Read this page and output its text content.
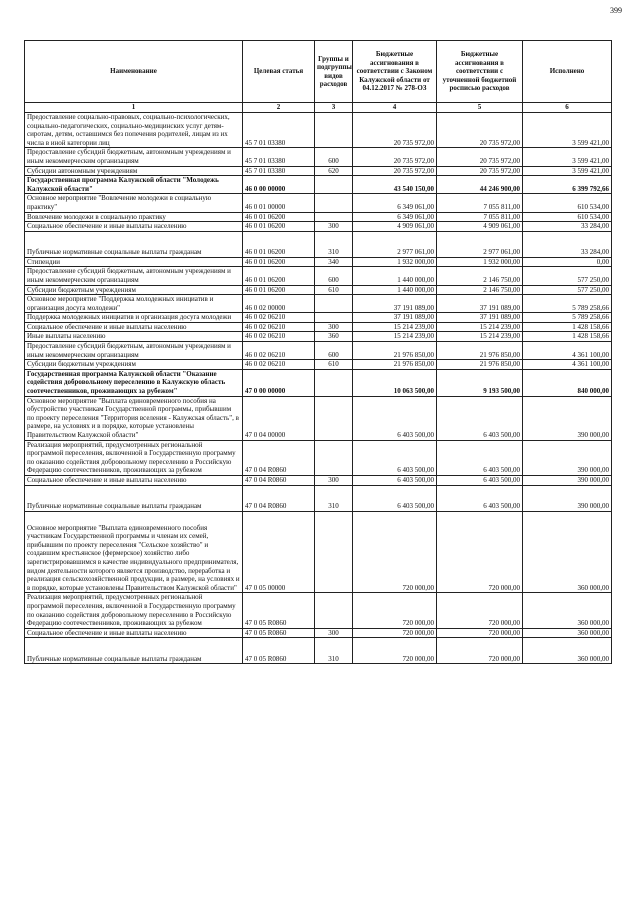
399
Наименование	Целевая статья	Группы и подгруппы видов расходов	Бюджетные ассигнования в соответствии с Законом Калужской области от 04.12.2017 № 278-ОЗ	Бюджетные ассигнования в соответствии с уточненной бюджетной росписью расходов	Исполнено
1	2	3	4	5	6
Предоставление социально-правовых, социально-психологических, социально-педагогических, социально-медицинских услуг детям-сиротам, детям, оставшимся без попечения родителей, лицам из их числа в иной категории лиц	45 7 01 03380		20 735 972,00	20 735 972,00	3 599 421,00
Предоставление субсидий бюджетным, автономным учреждениям и иным некоммерческим организациям	45 7 01 03380	600	20 735 972,00	20 735 972,00	3 599 421,00
Субсидии автономным учреждениям	45 7 01 03380	620	20 735 972,00	20 735 972,00	3 599 421,00
Государственная программа Калужской области "Молодежь Калужской области"	46 0 00 00000		43 540 150,00	44 246 900,00	6 399 792,66
Основное мероприятие "Вовлечение молодежи в социальную практику"	46 0 01 00000		6 349 061,00	7 055 811,00	610 534,00
Вовлечение молодежи в социальную практику	46 0 01 06200		6 349 061,00	7 055 811,00	610 534,00
Социальное обеспечение и иные выплаты населению	46 0 01 06200	300	4 909 061,00	4 909 061,00	33 284,00
Публичные нормативные социальные выплаты гражданам	46 0 01 06200	310	2 977 061,00	2 977 061,00	33 284,00
Стипендии	46 0 01 06200	340	1 932 000,00	1 932 000,00	0,00
Предоставление субсидий бюджетным, автономным учреждениям и иным некоммерческим организациям	46 0 01 06200	600	1 440 000,00	2 146 750,00	577 250,00
Субсидии бюджетным учреждениям	46 0 01 06200	610	1 440 000,00	2 146 750,00	577 250,00
Основное мероприятие "Поддержка молодежных инициатив и организация досуга молодежи"	46 0 02 00000		37 191 089,00	37 191 089,00	5 789 258,66
Поддержка молодежных инициатив и организация досуга молодежи	46 0 02 06210		37 191 089,00	37 191 089,00	5 789 258,66
Социальное обеспечение и иные выплаты населению	46 0 02 06210	300	15 214 239,00	15 214 239,00	1 428 158,66
Иные выплаты населению	46 0 02 06210	360	15 214 239,00	15 214 239,00	1 428 158,66
Предоставление субсидий бюджетным, автономным учреждениям и иным некоммерческим организациям	46 0 02 06210	600	21 976 850,00	21 976 850,00	4 361 100,00
Субсидии бюджетным учреждениям	46 0 02 06210	610	21 976 850,00	21 976 850,00	4 361 100,00
Государственная программа Калужской области "Оказание содействия добровольному переселению в Калужскую область соотечественников, проживающих за рубежом"	47 0 00 00000		10 063 500,00	9 193 500,00	840 000,00
Основное мероприятие "Выплата единовременного пособия на обустройство участникам Государственной программы, прибывшим по проекту переселения "Территория вселения - Калужская область", в размере, на условиях и в порядке, которые установлены Правительством Калужской области"	47 0 04 00000		6 403 500,00	6 403 500,00	390 000,00
Реализация мероприятий, предусмотренных региональной программой переселения, включенной в Государственную программу по оказанию содействия добровольному переселению в Российскую Федерацию соотечественников, проживающих за рубежом	47 0 04 R0860		6 403 500,00	6 403 500,00	390 000,00
Социальное обеспечение и иные выплаты населению	47 0 04 R0860	300	6 403 500,00	6 403 500,00	390 000,00
Публичные нормативные социальные выплаты гражданам	47 0 04 R0860	310	6 403 500,00	6 403 500,00	390 000,00
Основное мероприятие "Выплата единовременного пособия участникам Государственной программы и членам их семей, прибывшим по проекту переселения "Сельское хозяйство" и создавшим крестьянское (фермерское) хозяйство либо зарегистрировавшимся в качестве индивидуального предпринимателя, видом деятельности которого является производство, переработка и реализация сельскохозяйственной продукции, в размере, на условиях и в порядке, которые установлены Правительством Калужской области"	47 0 05 00000		720 000,00	720 000,00	360 000,00
Реализация мероприятий, предусмотренных региональной программой переселения, включенной в Государственную программу по оказанию содействия добровольному переселению в Российскую Федерацию соотечественников, проживающих за рубежом	47 0 05 R0860		720 000,00	720 000,00	360 000,00
Социальное обеспечение и иные выплаты населению	47 0 05 R0860	300	720 000,00	720 000,00	360 000,00
Публичные нормативные социальные выплаты гражданам	47 0 05 R0860	310	720 000,00	720 000,00	360 000,00
